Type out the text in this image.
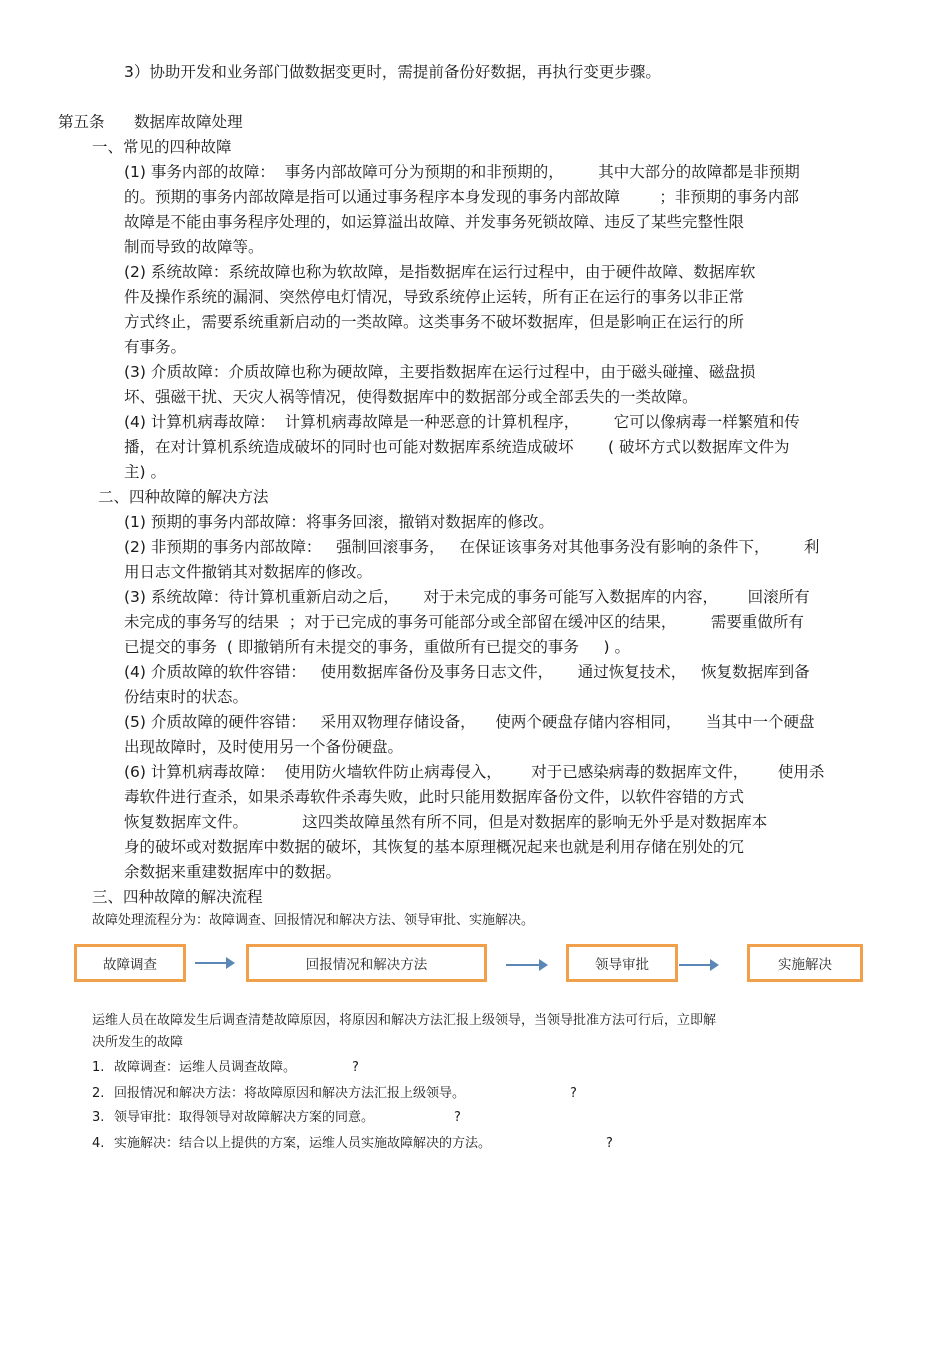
3）协助开发和业务部门做数据变更时，需提前备份好数据，再执行变更步骤。
第五条      数据库故障处理
一、常见的四种故障
(1) 事务内部的故障：  事务内部故障可分为预期的和非预期的，       其中大部分的故障都是非预期
的。预期的事务内部故障是指可以通过事务程序本身发现的事务内部故障        ；非预期的事务内部
故障是不能由事务程序处理的，如运算溢出故障、并发事务死锁故障、违反了某些完整性限
制而导致的故障等。
(2) 系统故障：系统故障也称为软故障，是指数据库在运行过程中，由于硬件故障、数据库软
件及操作系统的漏洞、突然停电灯情况，导致系统停止运转，所有正在运行的事务以非正常
方式终止，需要系统重新启动的一类故障。这类事务不破坏数据库，但是影响正在运行的所
有事务。
(3) 介质故障：介质故障也称为硬故障，主要指数据库在运行过程中，由于磁头碰撞、磁盘损
坏、强磁干扰、天灾人祸等情况，使得数据库中的数据部分或全部丢失的一类故障。
(4) 计算机病毒故障：  计算机病毒故障是一种恶意的计算机程序，       它可以像病毒一样繁殖和传
播，在对计算机系统造成破坏的同时也可能对数据库系统造成破坏       ( 破坏方式以数据库文件为
主) 。
二、四种故障的解决方法
(1) 预期的事务内部故障：将事务回滚，撤销对数据库的修改。
(2) 非预期的事务内部故障：   强制回滚事务，   在保证该事务对其他事务没有影响的条件下，       利
用日志文件撤销其对数据库的修改。
(3) 系统故障：待计算机重新启动之后，     对于未完成的事务可能写入数据库的内容，      回滚所有
未完成的事务写的结果  ；对于已完成的事务可能部分或全部留在缓冲区的结果，       需要重做所有
已提交的事务  ( 即撤销所有未提交的事务，重做所有已提交的事务     ) 。
(4) 介质故障的软件容错：   使用数据库备份及事务日志文件，     通过恢复技术，   恢复数据库到备
份结束时的状态。
(5) 介质故障的硬件容错：   采用双物理存储设备，    使两个硬盘存储内容相同，     当其中一个硬盘
出现故障时，及时使用另一个备份硬盘。
(6) 计算机病毒故障：  使用防火墙软件防止病毒侵入，      对于已感染病毒的数据库文件，      使用杀
毒软件进行查杀，如果杀毒软件杀毒失败，此时只能用数据库备份文件，以软件容错的方式
恢复数据库文件。           这四类故障虽然有所不同，但是对数据库的影响无外乎是对数据库本
身的破坏或对数据库中数据的破坏，其恢复的基本原理概况起来也就是利用存储在别处的冗
余数据来重建数据库中的数据。
三、四种故障的解决流程
故障处理流程分为：故障调查、回报情况和解决方法、领导审批、实施解决。
故障调查	回报情况和解决方法	领导审批	实施解决
运维人员在故障发生后调查清楚故障原因，将原因和解决方法汇报上级领导，当领导批准方法可行后，立即解
决所发生的故障
1. 故障调查：运维人员调查故障。	?
2. 回报情况和解决方法：将故障原因和解决方法汇报上级领导。	?
3. 领导审批：取得领导对故障解决方案的同意。	?
4. 实施解决：结合以上提供的方案，运维人员实施故障解决的方法。	?
